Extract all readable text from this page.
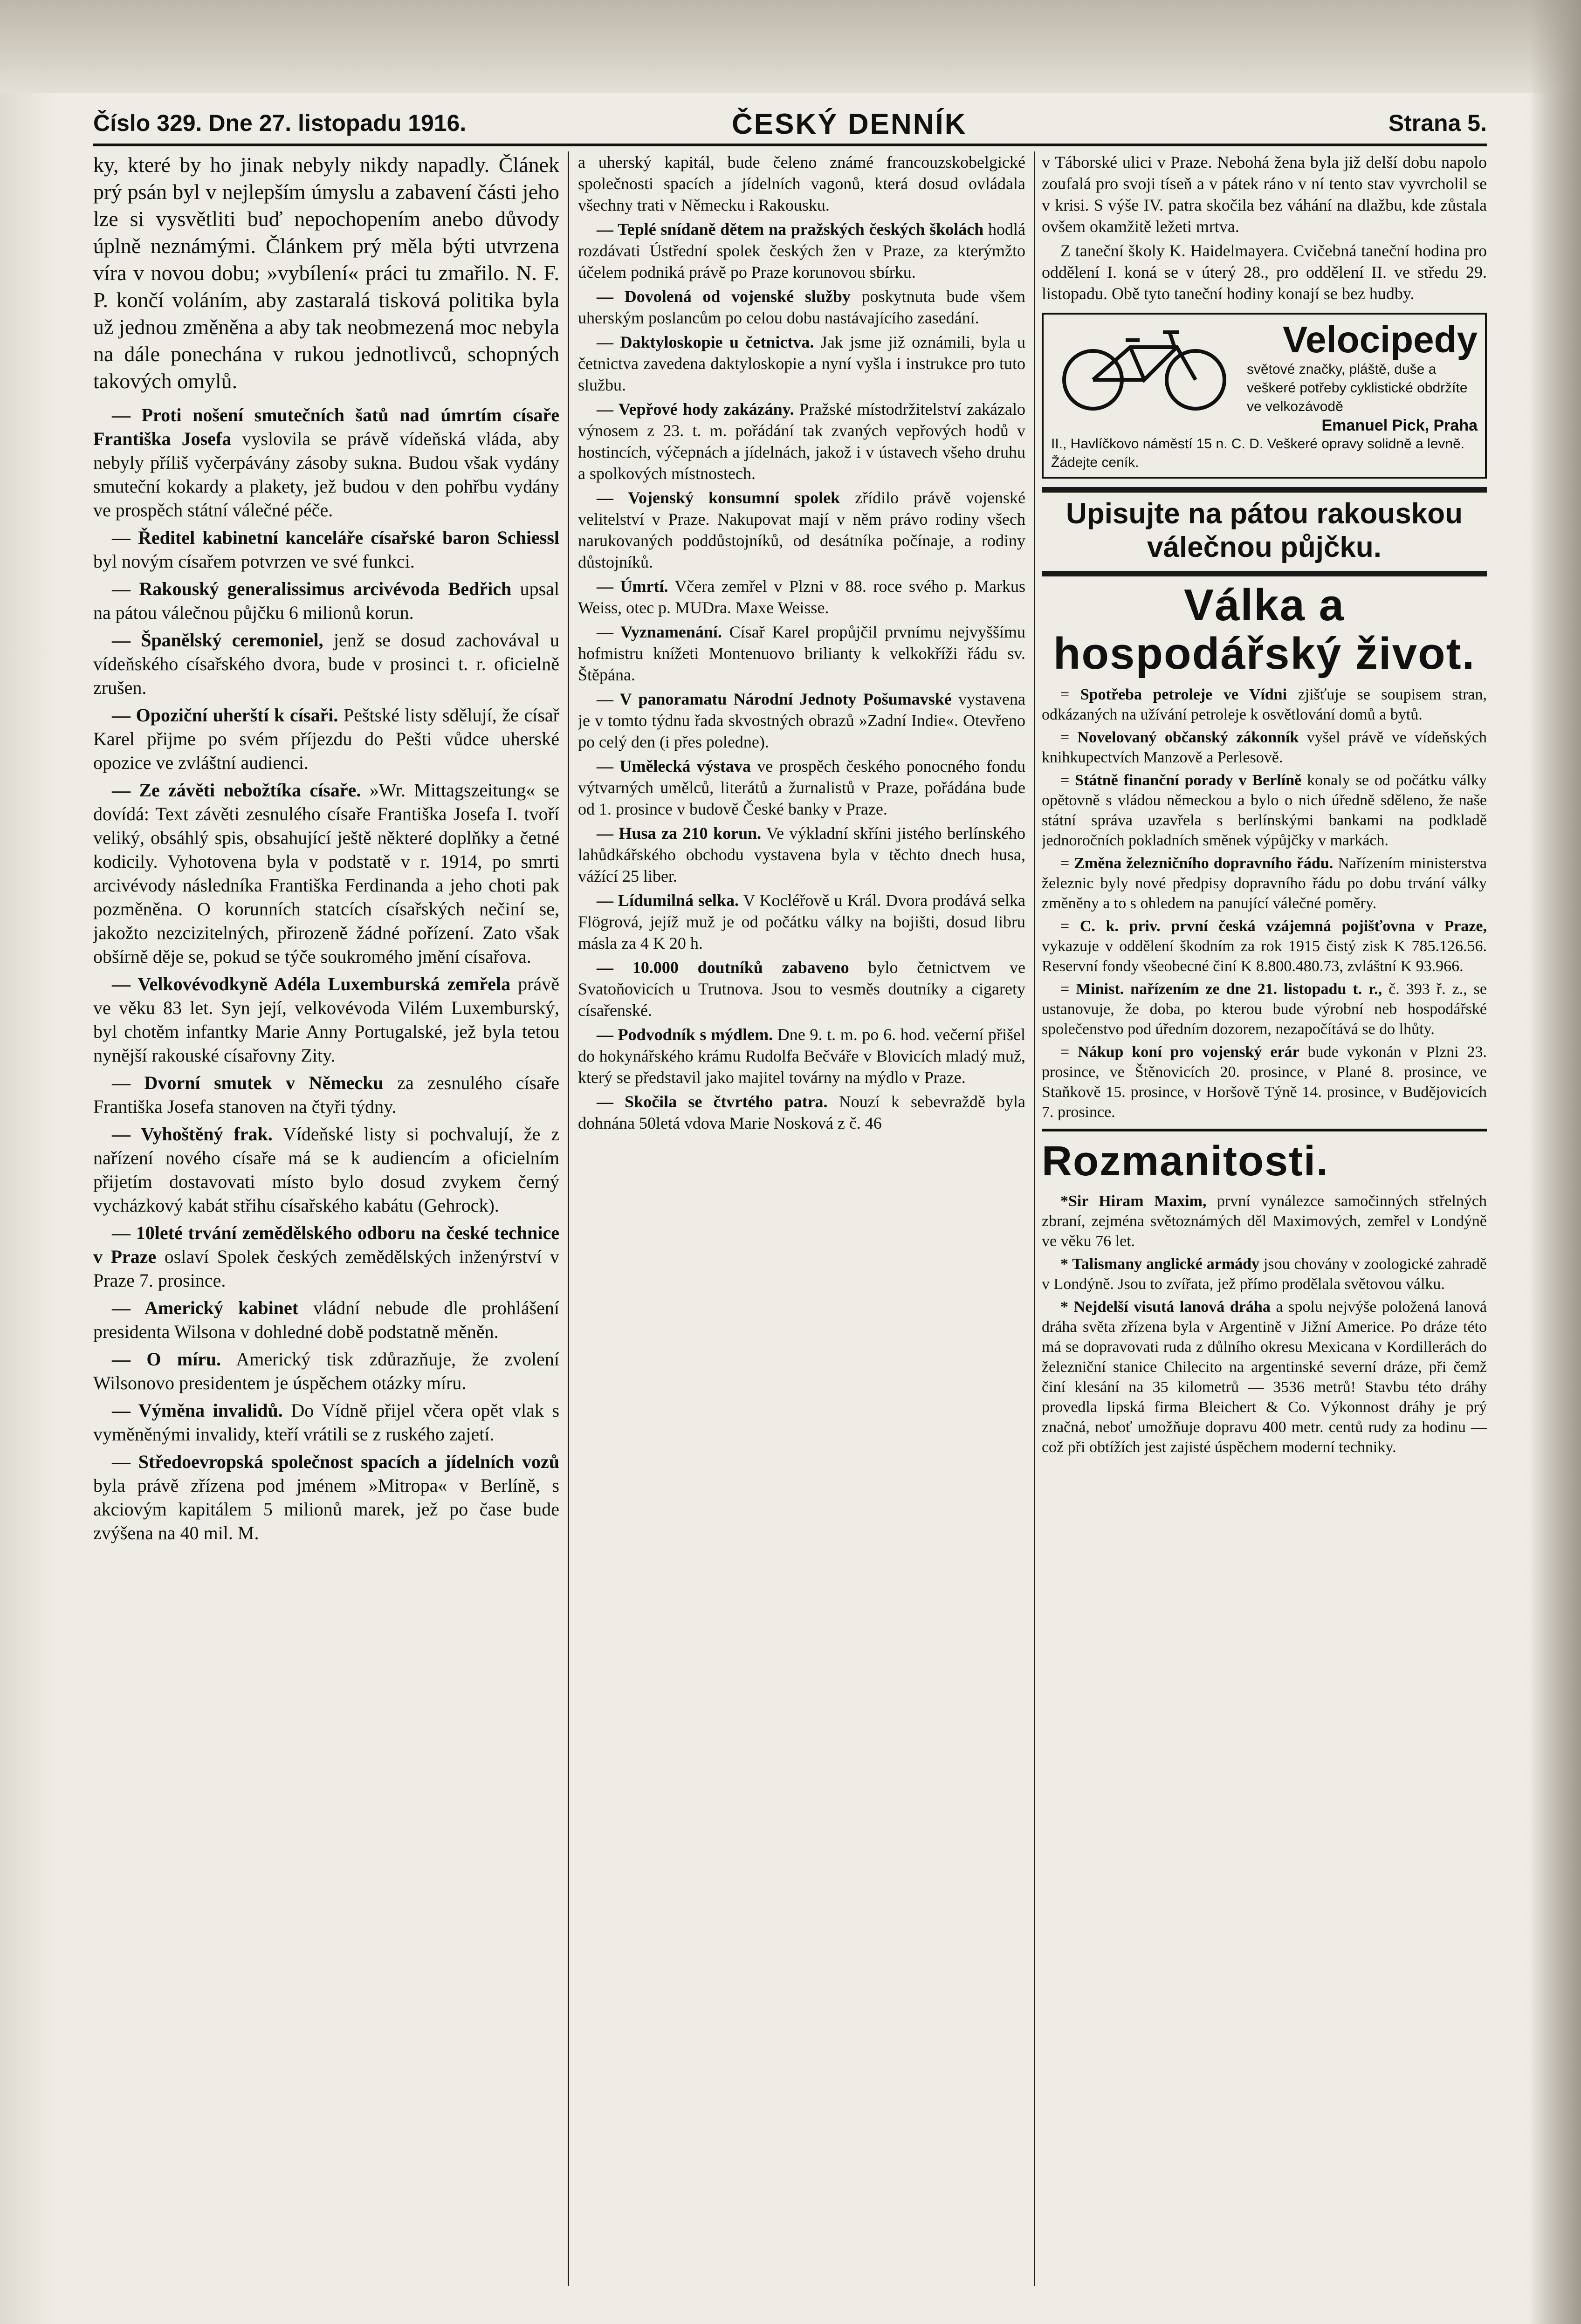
Číslo 329. Dne 27. listopadu 1916.	ČESKÝ DENNÍK	Strana 5.

ky, které by ho jinak nebyly nikdy napadly. Článek prý psán byl v nejlepším úmyslu a zabavení části jeho lze si vysvětliti buď nepochopením anebo důvody úplně neznámými. Článkem prý měla býti utvrzena víra v novou dobu; »vybílení« práci tu zmařilo. N. F. P. končí voláním, aby zastaralá tisková politika byla už jednou změněna a aby tak neobmezená moc nebyla na dále ponechána v rukou jednotlivců, schopných takových omylů.

— Proti nošení smutečních šatů nad úmrtím císaře Františka Josefa vyslovila se právě vídeňská vláda, aby nebyly příliš vyčerpávány zásoby sukna. Budou však vydány smuteční kokardy a plakety, jež budou v den pohřbu vydány ve prospěch státní válečné péče.

— Ředitel kabinetní kanceláře císařské baron Schiessl byl novým císařem potvrzen ve své funkci.

— Rakouský generalissimus arcivévoda Bedřich upsal na pátou válečnou půjčku 6 milionů korun.

— Španělský ceremoniel, jenž se dosud zachovával u vídeňského císařského dvora, bude v prosinci t. r. oficielně zrušen.

— Opoziční uherští k císaři. Peštské listy sdělují, že císař Karel přijme po svém příjezdu do Pešti vůdce uherské opozice ve zvláštní audienci.

— Ze závěti nebožtíka císaře. »Wr. Mittagszeitung« se dovídá: Text závěti zesnulého císaře Františka Josefa I. tvoří veliký, obsáhlý spis, obsahující ještě některé doplňky a četné kodicily. Vyhotovena byla v podstatě v r. 1914, po smrti arcivévody následníka Františka Ferdinanda a jeho choti pak pozměněna. O korunních statcích císařských nečiní se, jakožto nezcizitelných, přirozeně žádné pořízení. Zato však obšírně děje se, pokud se týče soukromého jmění císařova.

— Velkovévodkyně Adéla Luxemburská zemřela právě ve věku 83 let. Syn její, velkovévoda Vilém Luxemburský, byl chotěm infantky Marie Anny Portugalské, jež byla tetou nynější rakouské císařovny Zity.

— Dvorní smutek v Německu za zesnulého císaře Františka Josefa stanoven na čtyři týdny.

— Vyhoštěný frak. Vídeňské listy si pochvalují, že z nařízení nového císaře má se k audiencím a oficielním přijetím dostavovati místo bylo dosud zvykem černý vycházkový kabát střihu císařského kabátu (Gehrock).

— 10leté trvání zemědělského odboru na české technice v Praze oslaví Spolek českých zemědělských inženýrství v Praze 7. prosince.

— Americký kabinet vládní nebude dle prohlášení presidenta Wilsona v dohledné době podstatně měněn.

— O míru. Americký tisk zdůrazňuje, že zvolení Wilsonovo presidentem je úspěchem otázky míru.

— Výměna invalidů. Do Vídně přijel včera opět vlak s vyměněnými invalidy, kteří vrátili se z ruského zajetí.

— Středoevropská společnost spacích a jídelních vozů byla právě zřízena pod jménem »Mitropa« v Berlíně, s akciovým kapitálem 5 milionů marek, jež po čase bude zvýšena na 40 mil. M.

a uherský kapitál, bude čeleno známé francouzskobelgické společnosti spacích a jídelních vagonů, která dosud ovládala všechny trati v Německu i Rakousku.

— Teplé snídaně dětem na pražských českých školách hodlá rozdávati Ústřední spolek českých žen v Praze, za kterýmžto účelem podniká právě po Praze korunovou sbírku.

— Dovolená od vojenské služby poskytnuta bude všem uherským poslancům po celou dobu nastávajícího zasedání.

— Daktyloskopie u četnictva. Jak jsme již oznámili, byla u četnictva zavedena daktyloskopie a nyní vyšla i instrukce pro tuto službu.

— Vepřové hody zakázány. Pražské místodržitelství zakázalo výnosem z 23. t. m. pořádání tak zvaných vepřových hodů v hostincích, výčepnách a jídelnách, jakož i v ústavech všeho druhu a spolkových místnostech.

— Vojenský konsumní spolek zřídilo právě vojenské velitelství v Praze. Nakupovat mají v něm právo rodiny všech narukovaných poddůstojníků, od desátníka počínaje, a rodiny důstojníků.

— Úmrtí. Včera zemřel v Plzni v 88. roce svého p. Markus Weiss, otec p. MUDra. Maxe Weisse.

— Vyznamenání. Císař Karel propůjčil prvnímu nejvyššímu hofmistru knížeti Montenuovo brilianty k velkokříži řádu sv. Štěpána.

— V panoramatu Národní Jednoty Pošumavské vystavena je v tomto týdnu řada skvostných obrazů »Zadní Indie«. Otevřeno po celý den (i přes poledne).

— Umělecká výstava ve prospěch českého ponocného fondu výtvarných umělců, literátů a žurnalistů v Praze, pořádána bude od 1. prosince v budově České banky v Praze.

— Husa za 210 korun. Ve výkladní skříni jistého berlínského lahůdkářského obchodu vystavena byla v těchto dnech husa, vážící 25 liber.

— Lídumilná selka. V Kocléřově u Král. Dvora prodává selka Flögrová, jejíž muž je od počátku války na bojišti, dosud libru másla za 4 K 20 h.

— 10.000 doutníků zabaveno bylo četnictvem ve Svatoňovicích u Trutnova. Jsou to vesměs doutníky a cigarety císařenské.

— Podvodník s mýdlem. Dne 9. t. m. po 6. hod. večerní přišel do hokynářského krámu Rudolfa Bečváře v Blovicích mladý muž, který se představil jako majitel továrny na mýdlo v Praze.

— Skočila se čtvrtého patra. Nouzí k sebevraždě byla dohnána 50letá vdova Marie Nosková z č. 46

v Táborské ulici v Praze. Nebohá žena byla již delší dobu napolo zoufalá pro svoji tíseň a v pátek ráno v ní tento stav vyvrcholil se v krisi. S výše IV. patra skočila bez váhání na dlažbu, kde zůstala ovšem okamžitě ležeti mrtva.

Z taneční školy K. Haidelmayera. Cvičebná taneční hodina pro oddělení I. koná se v úterý 28., pro oddělení II. ve středu 29. listopadu. Obě tyto taneční hodiny konají se bez hudby.

Velocipedy
světové značky, pláště, duše a veškeré potřeby cyklistické obdržíte ve velkozávodě
Emanuel Pick, Praha
II., Havlíčkovo náměstí 15 n. C. D. Veškeré opravy solidně a levně. Žádejte ceník.
Upisujte na pátou rakouskou válečnou půjčku.
Válka a hospodářský život.

= Spotřeba petroleje ve Vídni zjišťuje se soupisem stran, odkázaných na užívání petroleje k osvětlování domů a bytů.

= Novelovaný občanský zákonník vyšel právě ve vídeňských knihkupectvích Manzově a Perlesově.

= Státně finanční porady v Berlíně konaly se od počátku války opětovně s vládou německou a bylo o nich úředně sděleno, že naše státní správa uzavřela s berlínskými bankami na podkladě jednoročních pokladních směnek výpůjčky v markách.

= Změna železničního dopravního řádu. Nařízením ministerstva železnic byly nové předpisy dopravního řádu po dobu trvání války změněny a to s ohledem na panující válečné poměry.

= C. k. priv. první česká vzájemná pojišťovna v Praze, vykazuje v oddělení škodním za rok 1915 čistý zisk K 785.126.56. Reservní fondy všeobecné činí K 8.800.480.73, zvláštní K 93.966.

= Minist. nařízením ze dne 21. listopadu t. r., č. 393 ř. z., se ustanovuje, že doba, po kterou bude výrobní neb hospodářské společenstvo pod úředním dozorem, nezapočítává se do lhůty.

= Nákup koní pro vojenský erár bude vykonán v Plzni 23. prosince, ve Štěnovicích 20. prosince, v Plané 8. prosince, ve Staňkově 15. prosince, v Horšově Týně 14. prosince, v Budějovicích 7. prosince.

Rozmanitosti.

*Sir Hiram Maxim, první vynálezce samočinných střelných zbraní, zejména světoznámých děl Maximových, zemřel v Londýně ve věku 76 let.

* Talismany anglické armády jsou chovány v zoologické zahradě v Londýně. Jsou to zvířata, jež přímo prodělala světovou válku.

* Nejdelší visutá lanová dráha a spolu nejvýše položená lanová dráha světa zřízena byla v Argentině v Jižní Americe. Po dráze této má se dopravovati ruda z důlního okresu Mexicana v Kordillerách do železniční stanice Chilecito na argentinské severní dráze, při čemž činí klesání na 35 kilometrů — 3536 metrů! Stavbu této dráhy provedla lipská firma Bleichert & Co. Výkonnost dráhy je prý značná, neboť umožňuje dopravu 400 metr. centů rudy za hodinu — což při obtížích jest zajisté úspěchem moderní techniky.
